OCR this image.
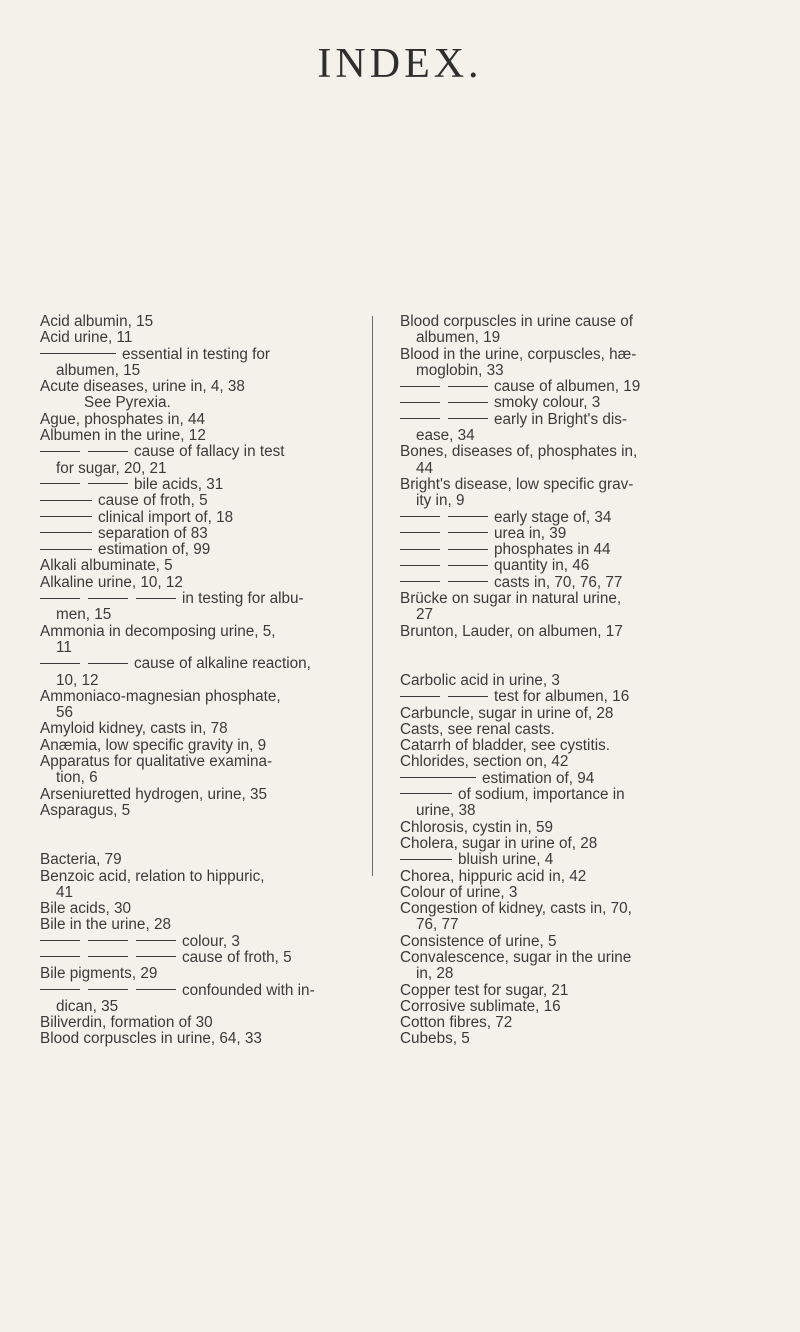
INDEX.
Acid albumin, 15
Acid urine, 11
essential in testing for
albumen, 15
Acute diseases, urine in, 4, 38
See Pyrexia.
Ague, phosphates in, 44
Albumen in the urine, 12
cause of fallacy in test
for sugar, 20, 21
bile acids, 31
cause of froth, 5
clinical import of, 18
separation of 83
estimation of, 99
Alkali albuminate, 5
Alkaline urine, 10, 12
in testing for albu-
men, 15
Ammonia in decomposing urine, 5,
11
cause of alkaline reaction,
10, 12
Ammoniaco-magnesian phosphate,
56
Amyloid kidney, casts in, 78
Anæmia, low specific gravity in, 9
Apparatus for qualitative examina-
tion, 6
Arseniuretted hydrogen, urine, 35
Asparagus, 5
Bacteria, 79
Benzoic acid, relation to hippuric,
41
Bile acids, 30
Bile in the urine, 28
colour, 3
cause of froth, 5
Bile pigments, 29
confounded with in-
dican, 35
Biliverdin, formation of 30
Blood corpuscles in urine, 64, 33
Blood corpuscles in urine cause of
albumen, 19
Blood in the urine, corpuscles, hæ-
moglobin, 33
cause of albumen, 19
smoky colour, 3
early in Bright's dis-
ease, 34
Bones, diseases of, phosphates in,
44
Bright's disease, low specific grav-
ity in, 9
early stage of, 34
urea in, 39
phosphates in 44
quantity in, 46
casts in, 70, 76, 77
Brücke on sugar in natural urine,
27
Brunton, Lauder, on albumen, 17
Carbolic acid in urine, 3
test for albumen, 16
Carbuncle, sugar in urine of, 28
Casts, see renal casts.
Catarrh of bladder, see cystitis.
Chlorides, section on, 42
estimation of, 94
of sodium, importance in
urine, 38
Chlorosis, cystin in, 59
Cholera, sugar in urine of, 28
bluish urine, 4
Chorea, hippuric acid in, 42
Colour of urine, 3
Congestion of kidney, casts in, 70,
76, 77
Consistence of urine, 5
Convalescence, sugar in the urine
in, 28
Copper test for sugar, 21
Corrosive sublimate, 16
Cotton fibres, 72
Cubebs, 5
